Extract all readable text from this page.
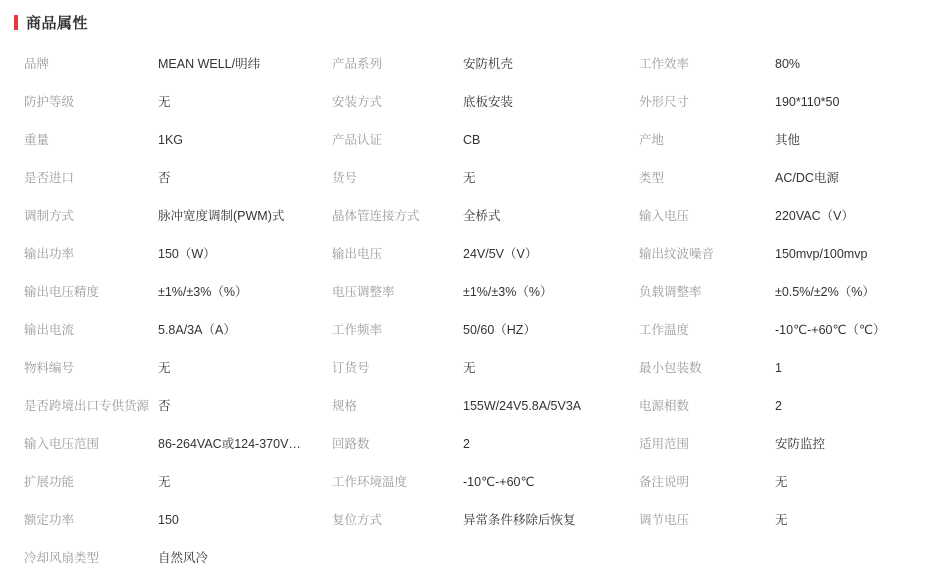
商品属性
品牌	MEAN WELL/明纬	产品系列	安防机壳	工作效率	80%
防护等级	无	安装方式	底板安装	外形尺寸	190*110*50
重量	1KG	产品认证	CB	产地	其他
是否进口	否	货号	无	类型	AC/DC电源
调制方式	脉冲宽度调制(PWM)式	晶体管连接方式	全桥式	输入电压	220VAC（V）
输出功率	150（W）	输出电压	24V/5V（V）	输出纹波噪音	150mvp/100mvp
输出电压精度	±1%/±3%（%）	电压调整率	±1%/±3%（%）	负载调整率	±0.5%/±2%（%）
输出电流	5.8A/3A（A）	工作频率	50/60（HZ）	工作温度	-10℃-+60℃（℃）
物料编号	无	订货号	无	最小包装数	1
是否跨境出口专供货源	否	规格	155W/24V5.8A/5V3A	电源相数	2
输入电压范围	86-264VAC或124-370VDC	回路数	2	适用范围	安防监控
扩展功能	无	工作环境温度	-10℃-+60℃	备注说明	无
额定功率	150	复位方式	异常条件移除后恢复	调节电压	无
冷却风扇类型	自然风冷				
